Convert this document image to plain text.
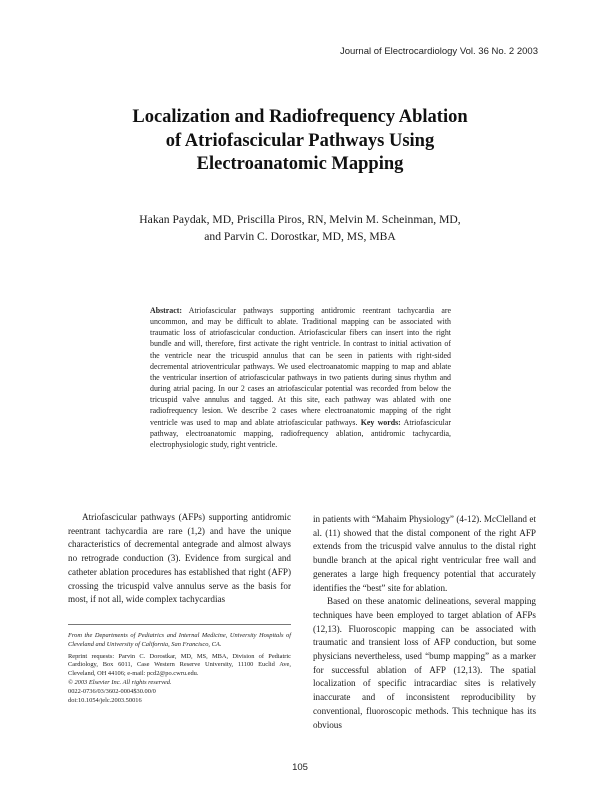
Journal of Electrocardiology Vol. 36 No. 2 2003
Localization and Radiofrequency Ablation
of Atriofascicular Pathways Using
Electroanatomic Mapping
Hakan Paydak, MD, Priscilla Piros, RN, Melvin M. Scheinman, MD,
and Parvin C. Dorostkar, MD, MS, MBA
Abstract: Atriofascicular pathways supporting antidromic reentrant tachycardia are uncommon, and may be difficult to ablate. Traditional mapping can be associated with traumatic loss of atriofascicular conduction. Atriofascicular fibers can insert into the right bundle and will, therefore, first activate the right ventricle. In contrast to initial activation of the ventricle near the tricuspid annulus that can be seen in patients with right-sided decremental atrioventricular pathways. We used electroanatomic mapping to map and ablate the ventricular insertion of atriofascicular pathways in two patients during sinus rhythm and during atrial pacing. In our 2 cases an atriofascicular potential was recorded from below the tricuspid valve annulus and tagged. At this site, each pathway was ablated with one radiofrequency lesion. We describe 2 cases where electroanatomic mapping of the right ventricle was used to map and ablate atriofascicular pathways. Key words: Atriofascicular pathway, electroanatomic mapping, radiofrequency ablation, antidromic tachycardia, electrophysiologic study, right ventricle.

Atriofascicular pathways (AFPs) supporting antidromic reentrant tachycardia are rare (1,2) and have the unique characteristics of decremental antegrade and almost always no retrograde conduction (3). Evidence from surgical and catheter ablation procedures has established that right (AFP) crossing the tricuspid valve annulus serve as the basis for most, if not all, wide complex tachycardias

From the Departments of Pediatrics and Internal Medicine, University Hospitals of Cleveland and University of California, San Francisco, CA.

Reprint requests: Parvin C. Dorostkar, MD, MS, MBA, Division of Pediatric Cardiology, Box 6011, Case Western Reserve University, 11100 Euclid Ave, Cleveland, OH 44106; e-mail: pcd2@po.cwru.edu.

© 2003 Elsevier Inc. All rights reserved.

0022-0736/03/3602-0004$30.00/0

doi:10.1054/jelc.2003.50016

in patients with “Mahaim Physiology” (4-12). McClelland et al. (11) showed that the distal component of the right AFP extends from the tricuspid valve annulus to the distal right bundle branch at the apical right ventricular free wall and generates a large high frequency potential that accurately identifies the “best” site for ablation.

Based on these anatomic delineations, several mapping techniques have been employed to target ablation of AFPs (12,13). Fluoroscopic mapping can be associated with traumatic and transient loss of AFP conduction, but some physicians nevertheless, used “bump mapping” as a marker for successful ablation of AFP (12,13). The spatial localization of specific intracardiac sites is relatively inaccurate and of inconsistent reproducibility by conventional, fluoroscopic methods. This technique has its obvious

105
